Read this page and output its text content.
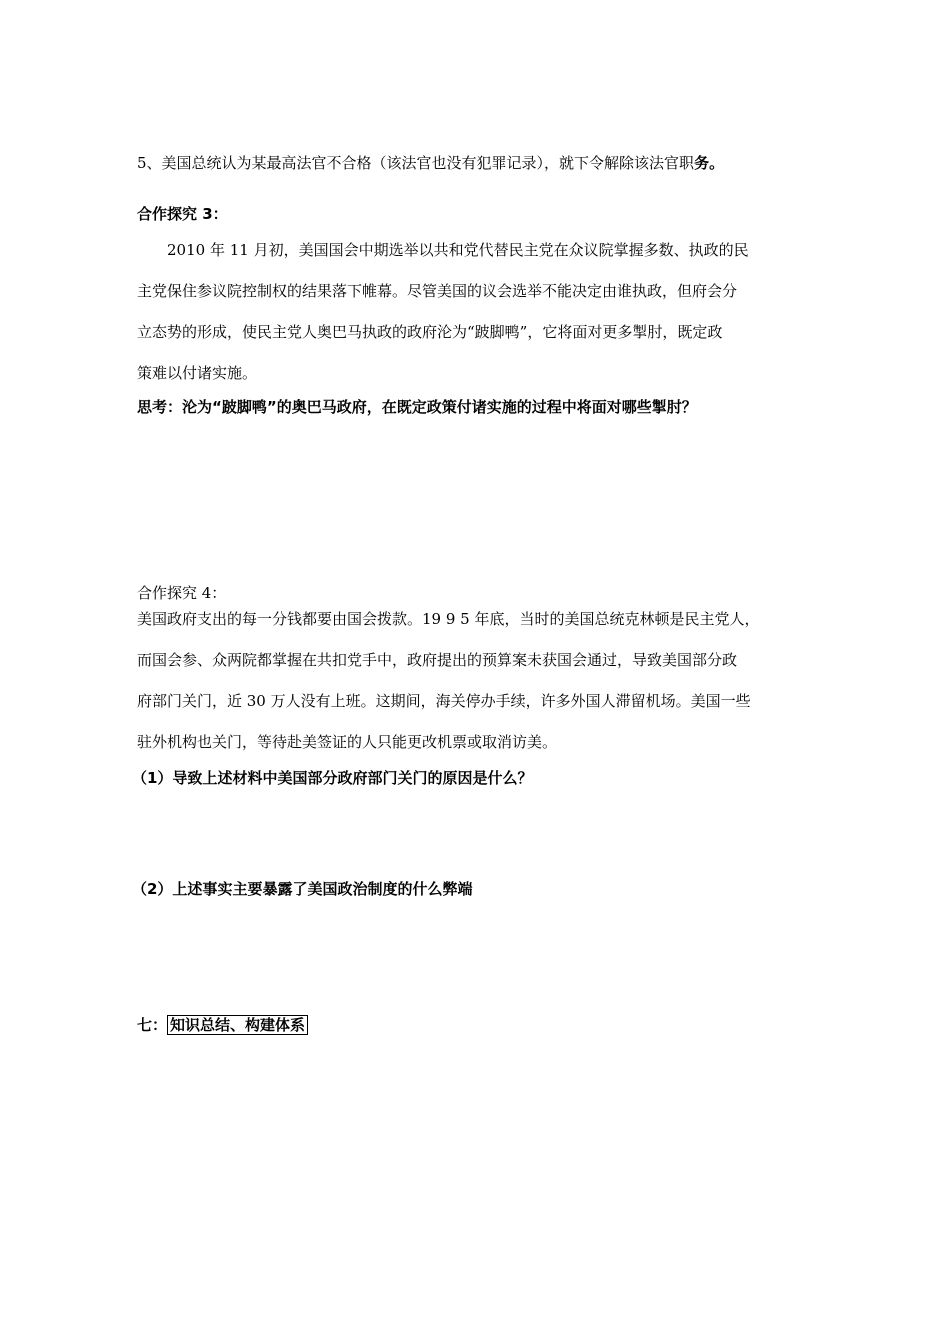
5、美国总统认为某最高法官不合格（该法官也没有犯罪记录），就下令解除该法官职务。
合作探究 3：
2010 年 11 月初，美国国会中期选举以共和党代替民主党在众议院掌握多数、执政的民
主党保住参议院控制权的结果落下帷幕。尽管美国的议会选举不能决定由谁执政，但府会分
立态势的形成，使民主党人奥巴马执政的政府沦为“跛脚鸭”，它将面对更多掣肘，既定政
策难以付诸实施。
思考：沦为“跛脚鸭”的奥巴马政府，在既定政策付诸实施的过程中将面对哪些掣肘？
合作探究 4：
美国政府支出的每一分钱都要由国会拨款。19 9 5 年底，当时的美国总统克林顿是民主党人，
而国会参、众两院都掌握在共扣党手中，政府提出的预算案未获国会通过，导致美国部分政
府部门关门，近 30 万人没有上班。这期间，海关停办手续，许多外国人滞留机场。美国一些
驻外机构也关门，等待赴美签证的人只能更改机票或取消访美。
（1）导致上述材料中美国部分政府部门关门的原因是什么？
（2）上述事实主要暴露了美国政治制度的什么弊端
七： 知识总结、构建体系
